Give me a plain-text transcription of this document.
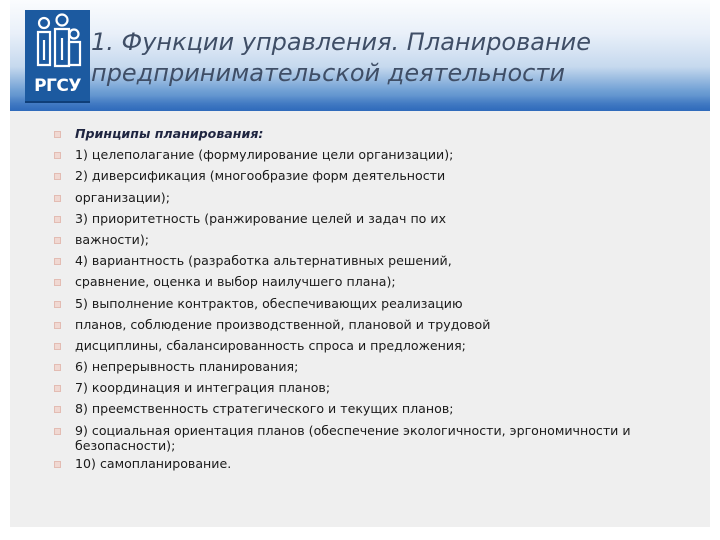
РГСУ
1. Функции управления. Планирование предпринимательской деятельности
Принципы планирования:
1) целеполагание (формулирование цели организации);
2) диверсификация (многообразие форм деятельности
организации);
3) приоритетность (ранжирование целей и задач по их
важности);
4) вариантность (разработка альтернативных решений,
сравнение, оценка и выбор наилучшего плана);
5) выполнение контрактов, обеспечивающих реализацию
планов, соблюдение производственной, плановой и трудовой
дисциплины, сбалансированность спроса и предложения;
6) непрерывность планирования;
7) координация и интеграция планов;
8) преемственность стратегического и текущих планов;
9) социальная ориентация планов (обеспечение экологичности, эргономичности и безопасности);
10) самопланирование.
